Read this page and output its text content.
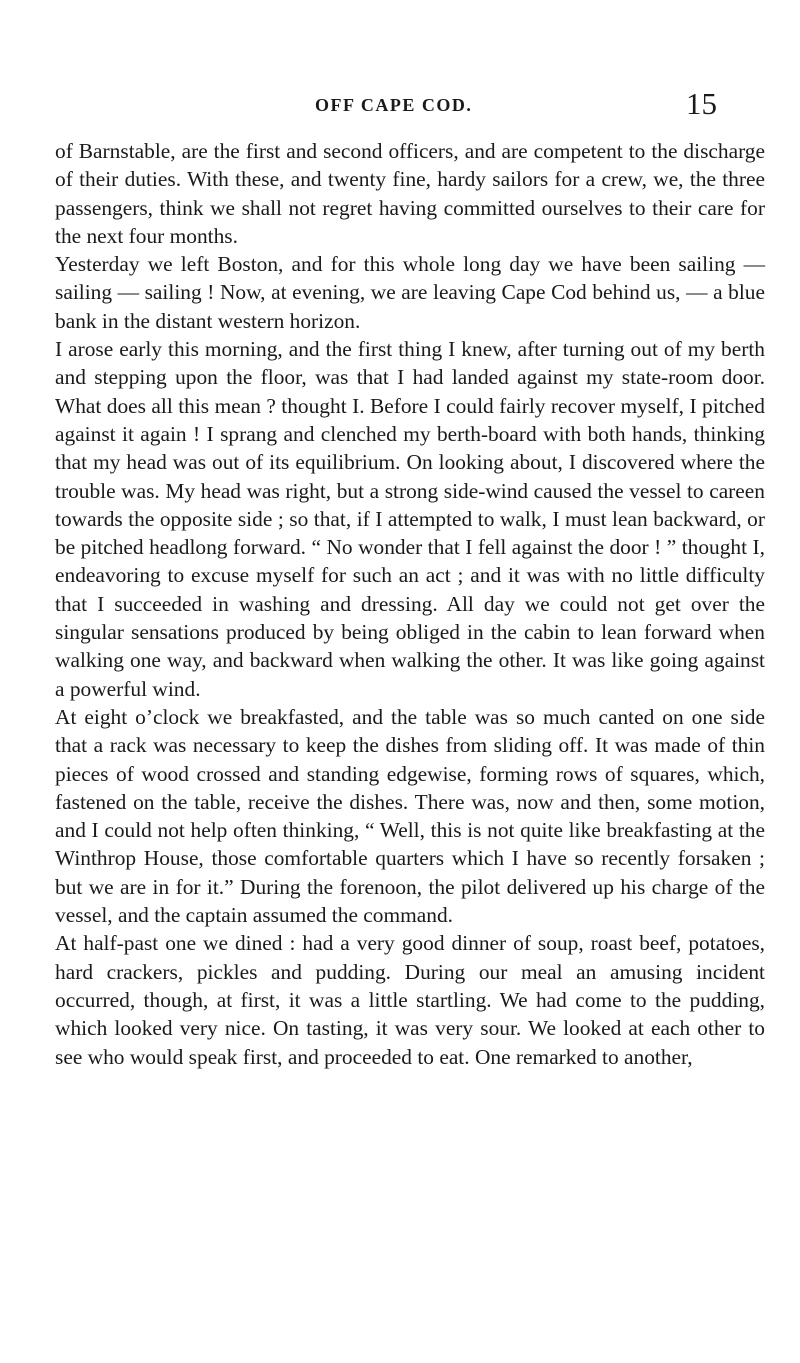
OFF CAPE COD.	15

of Barnstable, are the first and second officers, and are competent to the discharge of their duties. With these, and twenty fine, hardy sailors for a crew, we, the three passengers, think we shall not regret having committed ourselves to their care for the next four months.

Yesterday we left Boston, and for this whole long day we have been sailing — sailing — sailing ! Now, at evening, we are leaving Cape Cod behind us, — a blue bank in the distant western horizon.

I arose early this morning, and the first thing I knew, after turning out of my berth and stepping upon the floor, was that I had landed against my state-room door. What does all this mean ? thought I. Before I could fairly recover myself, I pitched against it again ! I sprang and clenched my berth-board with both hands, thinking that my head was out of its equilibrium. On looking about, I discovered where the trouble was. My head was right, but a strong side-wind caused the vessel to careen towards the opposite side ; so that, if I attempted to walk, I must lean backward, or be pitched headlong forward. “ No wonder that I fell against the door ! ” thought I, endeavoring to excuse myself for such an act ; and it was with no little difficulty that I succeeded in washing and dressing. All day we could not get over the singular sensations produced by being obliged in the cabin to lean forward when walking one way, and backward when walking the other. It was like going against a powerful wind.

At eight o’clock we breakfasted, and the table was so much canted on one side that a rack was necessary to keep the dishes from sliding off. It was made of thin pieces of wood crossed and standing edgewise, forming rows of squares, which, fastened on the table, receive the dishes. There was, now and then, some motion, and I could not help often thinking, “ Well, this is not quite like breakfasting at the Winthrop House, those comfortable quarters which I have so recently forsaken ; but we are in for it.” During the forenoon, the pilot delivered up his charge of the vessel, and the captain assumed the command.

At half-past one we dined : had a very good dinner of soup, roast beef, potatoes, hard crackers, pickles and pudding. During our meal an amusing incident occurred, though, at first, it was a little startling. We had come to the pudding, which looked very nice. On tasting, it was very sour. We looked at each other to see who would speak first, and proceeded to eat. One remarked to another,
